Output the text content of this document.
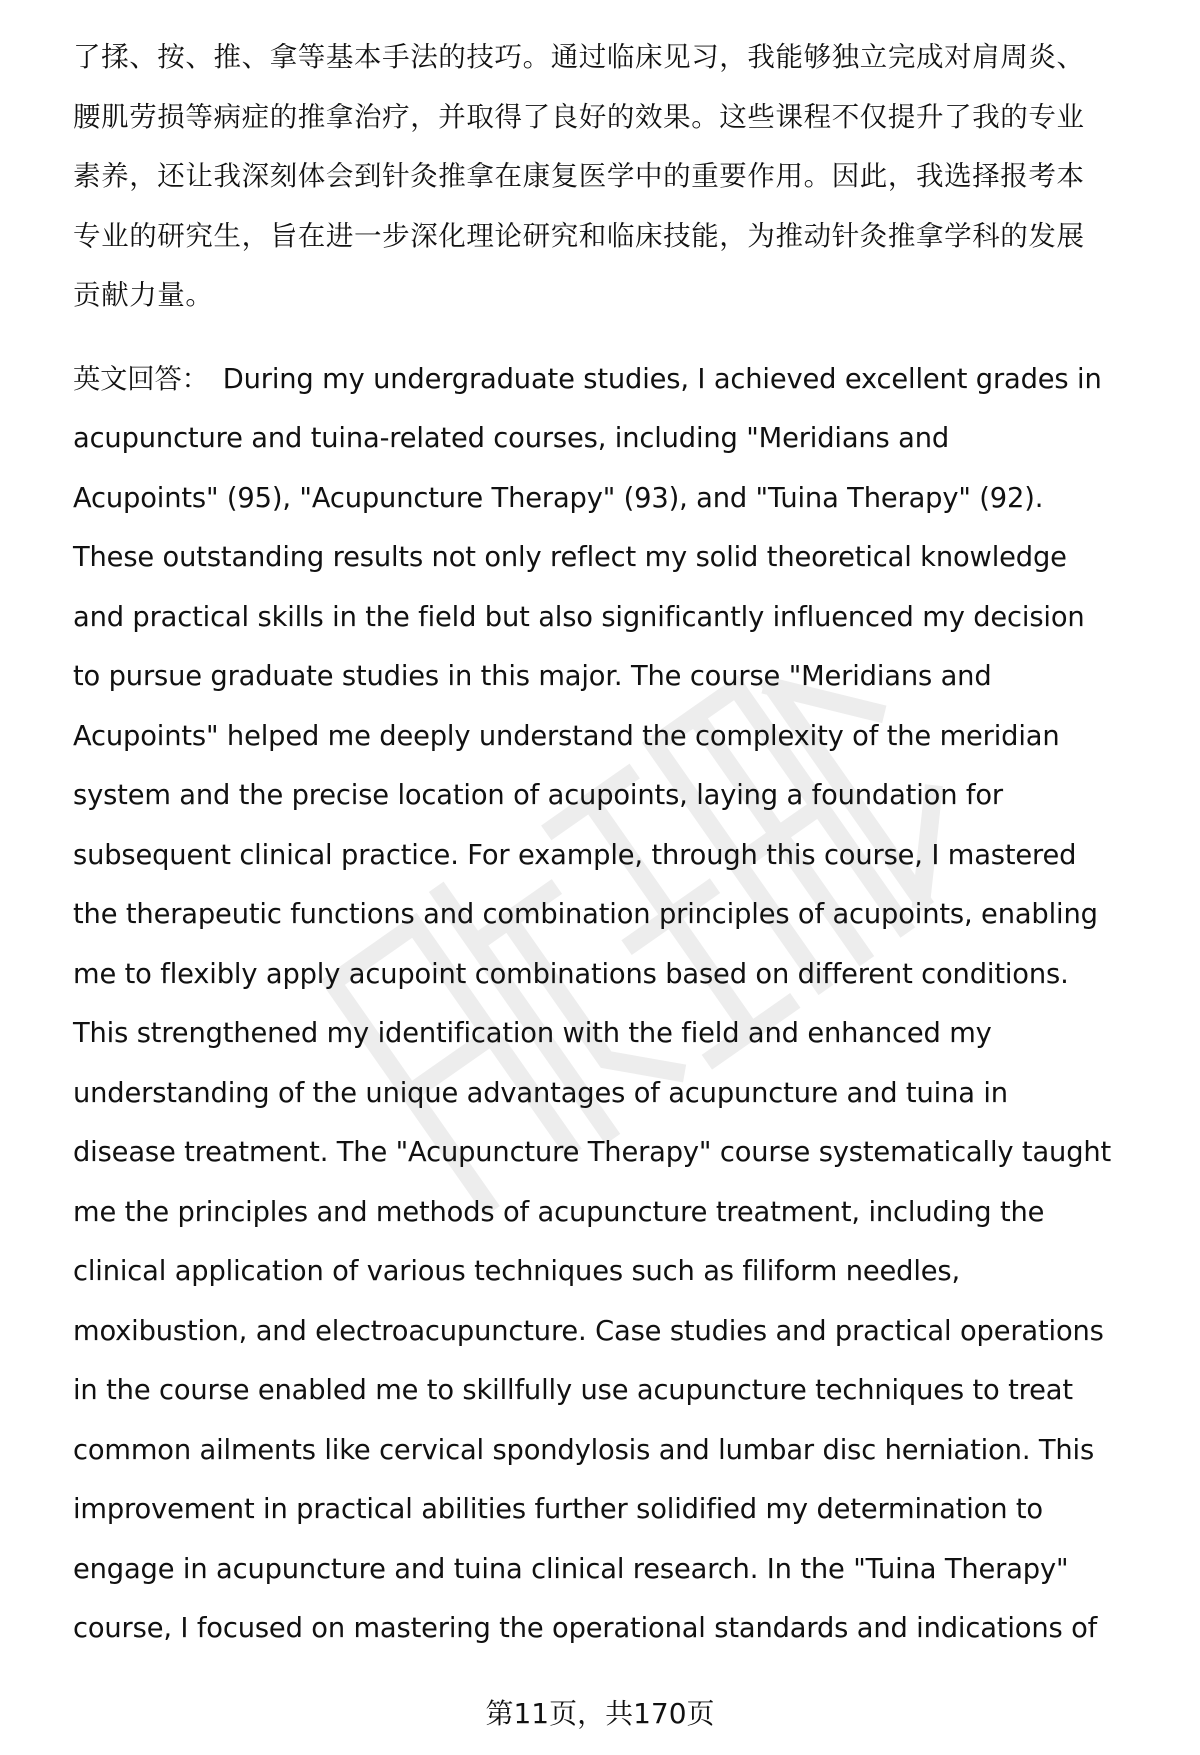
了揉、按、推、拿等基本手法的技巧。通过临床见习，我能够独立完成对肩周炎、
腰肌劳损等病症的推拿治疗，并取得了良好的效果。这些课程不仅提升了我的专业
素养，还让我深刻体会到针灸推拿在康复医学中的重要作用。因此，我选择报考本
专业的研究生，旨在进一步深化理论研究和临床技能，为推动针灸推拿学科的发展
贡献力量。
英文回答： During my undergraduate studies, I achieved excellent grades in
acupuncture and tuina-related courses, including "Meridians and
Acupoints" (95), "Acupuncture Therapy" (93), and "Tuina Therapy" (92).
These outstanding results not only reflect my solid theoretical knowledge
and practical skills in the field but also significantly influenced my decision
to pursue graduate studies in this major. The course "Meridians and
Acupoints" helped me deeply understand the complexity of the meridian
system and the precise location of acupoints, laying a foundation for
subsequent clinical practice. For example, through this course, I mastered
the therapeutic functions and combination principles of acupoints, enabling
me to flexibly apply acupoint combinations based on different conditions.
This strengthened my identification with the field and enhanced my
understanding of the unique advantages of acupuncture and tuina in
disease treatment. The "Acupuncture Therapy" course systematically taught
me the principles and methods of acupuncture treatment, including the
clinical application of various techniques such as filiform needles,
moxibustion, and electroacupuncture. Case studies and practical operations
in the course enabled me to skillfully use acupuncture techniques to treat
common ailments like cervical spondylosis and lumbar disc herniation. This
improvement in practical abilities further solidified my determination to
engage in acupuncture and tuina clinical research. In the "Tuina Therapy"
course, I focused on mastering the operational standards and indications of
第11页，共170页
